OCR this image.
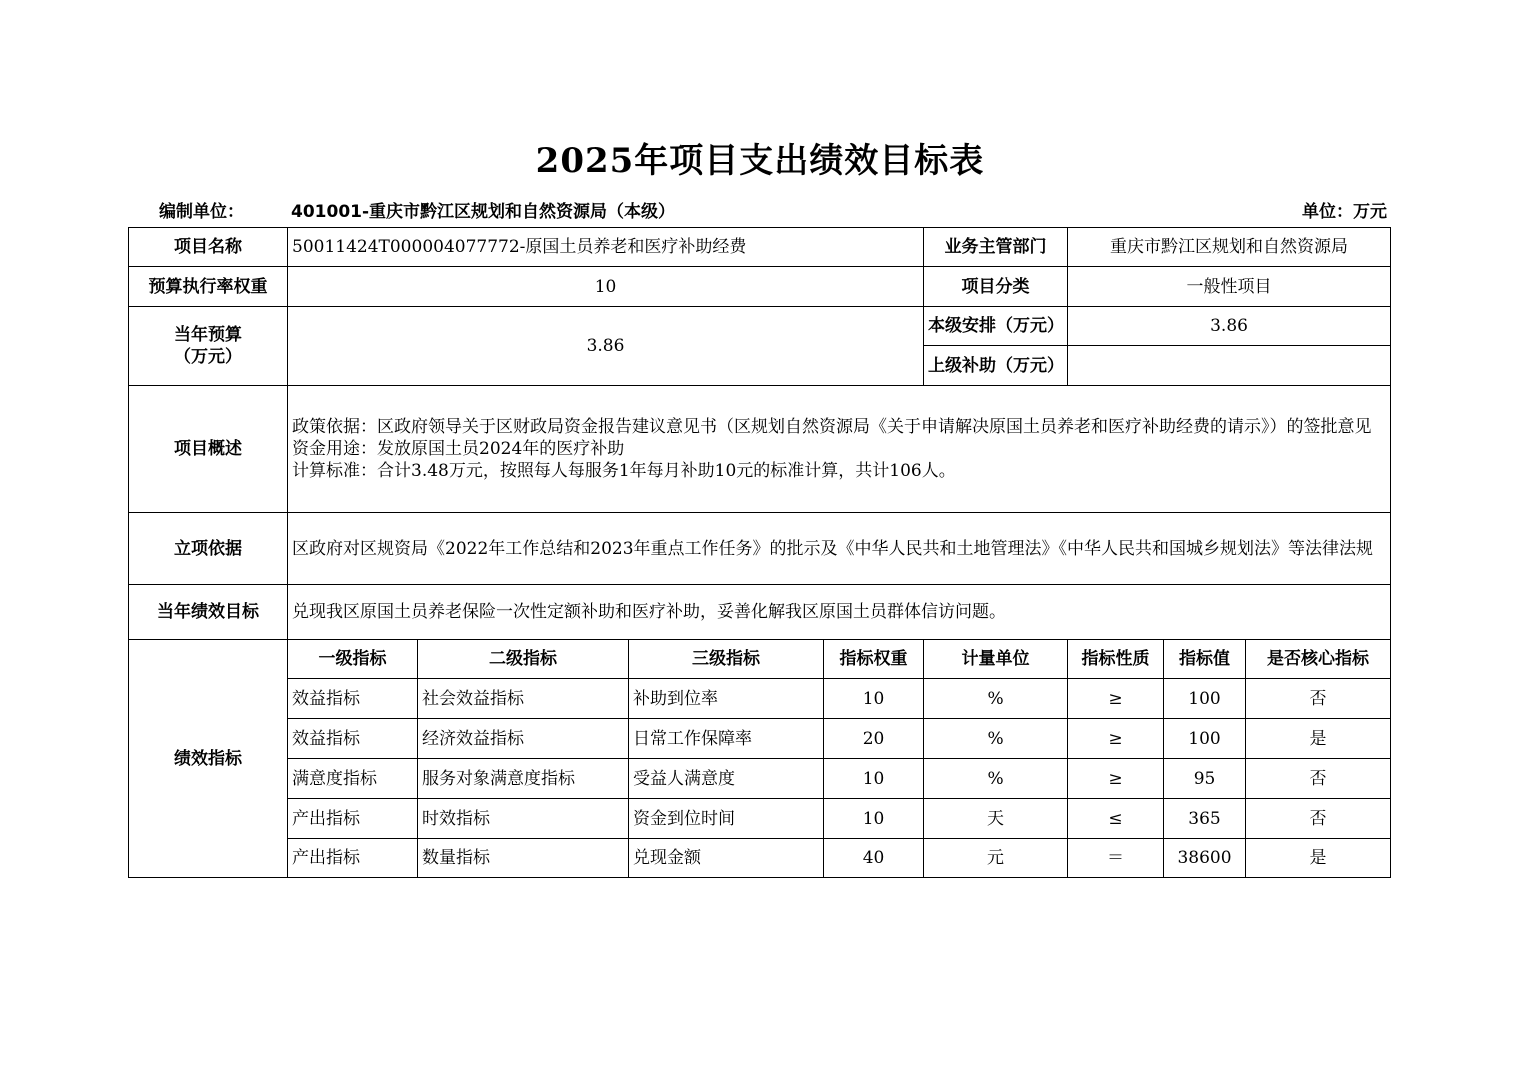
2025年项目支出绩效目标表
编制单位：	401001-重庆市黔江区规划和自然资源局（本级）	单位：万元
项目名称	50011424T000004077772-原国土员养老和医疗补助经费				业务主管部门	重庆市黔江区规划和自然资源局		
预算执行率权重	10				项目分类	一般性项目		

当年预算
（万元）	3.86				本级安排（万元）	3.86		
					上级补助（万元）			
项目概述	政策依据：区政府领导关于区财政局资金报告建议意见书（区规划自然资源局《关于申请解决原国土员养老和医疗补助经费的请示》）的签批意见

资金用途：发放原国土员2024年的医疗补助

计算标准：合计3.48万元，按照每人每服务1年每月补助10元的标准计算，共计106人。							

立项依据	区政府对区规资局《2022年工作总结和2023年重点工作任务》的批示及《中华人民共和土地管理法》《中华人民共和国城乡规划法》等法律法规							
当年绩效目标	兑现我区原国土员养老保险一次性定额补助和医疗补助，妥善化解我区原国土员群体信访问题。							
绩效指标	一级指标	二级指标	三级指标	指标权重	计量单位	指标性质	指标值	是否核心指标
	效益指标	社会效益指标	补助到位率	10	%	≥	100	否
	效益指标	经济效益指标	日常工作保障率	20	%	≥	100	是
	满意度指标	服务对象满意度指标	受益人满意度	10	%	≥	95	否
	产出指标	时效指标	资金到位时间	10	天	≤	365	否
	产出指标	数量指标	兑现金额	40	元	＝	38600	是
